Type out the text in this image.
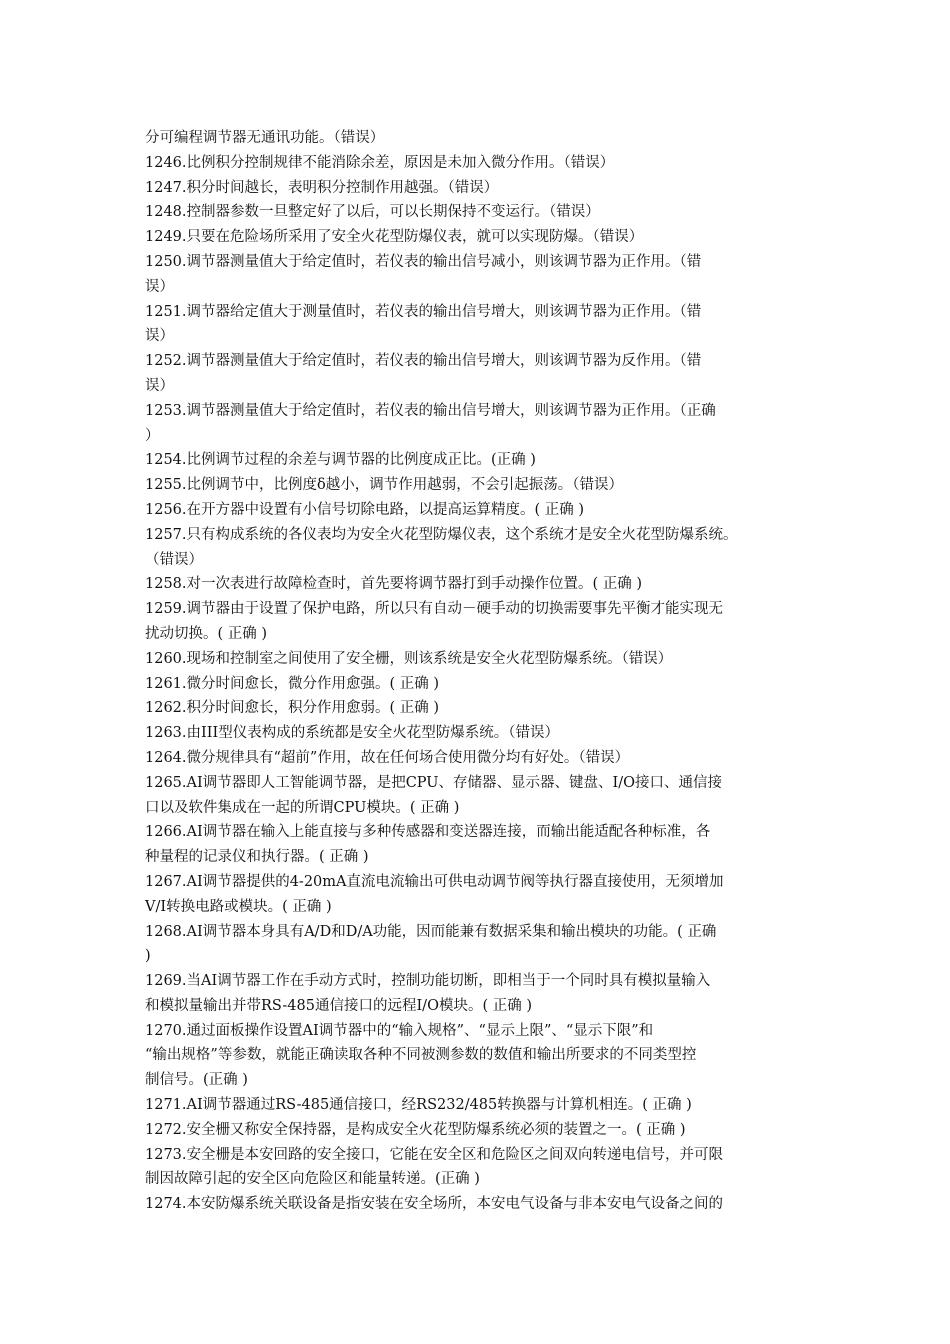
分可编程调节器无通讯功能。（错误）
1246.比例积分控制规律不能消除余差，原因是未加入微分作用。（错误）
1247.积分时间越长，表明积分控制作用越强。（错误）
1248.控制器参数一旦整定好了以后，可以长期保持不变运行。（错误）
1249.只要在危险场所采用了安全火花型防爆仪表，就可以实现防爆。（错误）
1250.调节器测量值大于给定值时，若仪表的输出信号减小，则该调节器为正作用。（错
误）
1251.调节器给定值大于测量值时，若仪表的输出信号增大，则该调节器为正作用。（错
误）
1252.调节器测量值大于给定值时，若仪表的输出信号增大，则该调节器为反作用。（错
误）
1253.调节器测量值大于给定值时，若仪表的输出信号增大，则该调节器为正作用。（正确
）
1254.比例调节过程的余差与调节器的比例度成正比。(正确 )
1255.比例调节中，比例度δ越小，调节作用越弱，不会引起振荡。（错误）
1256.在开方器中设置有小信号切除电路，以提高运算精度。( 正确 )
1257.只有构成系统的各仪表均为安全火花型防爆仪表，这个系统才是安全火花型防爆系统。
（错误）
1258.对一次表进行故障检查时，首先要将调节器打到手动操作位置。( 正确 )
1259.调节器由于设置了保护电路，所以只有自动－硬手动的切换需要事先平衡才能实现无
扰动切换。( 正确 )
1260.现场和控制室之间使用了安全栅，则该系统是安全火花型防爆系统。（错误）
1261.微分时间愈长，微分作用愈强。( 正确 )
1262.积分时间愈长，积分作用愈弱。( 正确 )
1263.由III型仪表构成的系统都是安全火花型防爆系统。（错误）
1264.微分规律具有“超前”作用，故在任何场合使用微分均有好处。（错误）
1265.AI调节器即人工智能调节器，是把CPU、存储器、显示器、键盘、I/O接口、通信接
口以及软件集成在一起的所谓CPU模块。( 正确 )
1266.AI调节器在输入上能直接与多种传感器和变送器连接，而输出能适配各种标准，各
种量程的记录仪和执行器。( 正确 )
1267.AI调节器提供的4-20mA直流电流输出可供电动调节阀等执行器直接使用，无须增加
V/I转换电路或模块。( 正确 )
1268.AI调节器本身具有A/D和D/A功能，因而能兼有数据采集和输出模块的功能。( 正确
)
1269.当AI调节器工作在手动方式时，控制功能切断，即相当于一个同时具有模拟量输入
和模拟量输出并带RS-485通信接口的远程I/O模块。( 正确 )
1270.通过面板操作设置AI调节器中的“输入规格”、“显示上限”、“显示下限”和
“输出规格”等参数，就能正确读取各种不同被测参数的数值和输出所要求的不同类型控
制信号。(正确 )
1271.AI调节器通过RS-485通信接口，经RS232/485转换器与计算机相连。( 正确 )
1272.安全栅又称安全保持器，是构成安全火花型防爆系统必须的装置之一。( 正确 )
1273.安全栅是本安回路的安全接口，它能在安全区和危险区之间双向转递电信号，并可限
制因故障引起的安全区向危险区和能量转递。(正确 )
1274.本安防爆系统关联设备是指安装在安全场所，本安电气设备与非本安电气设备之间的
